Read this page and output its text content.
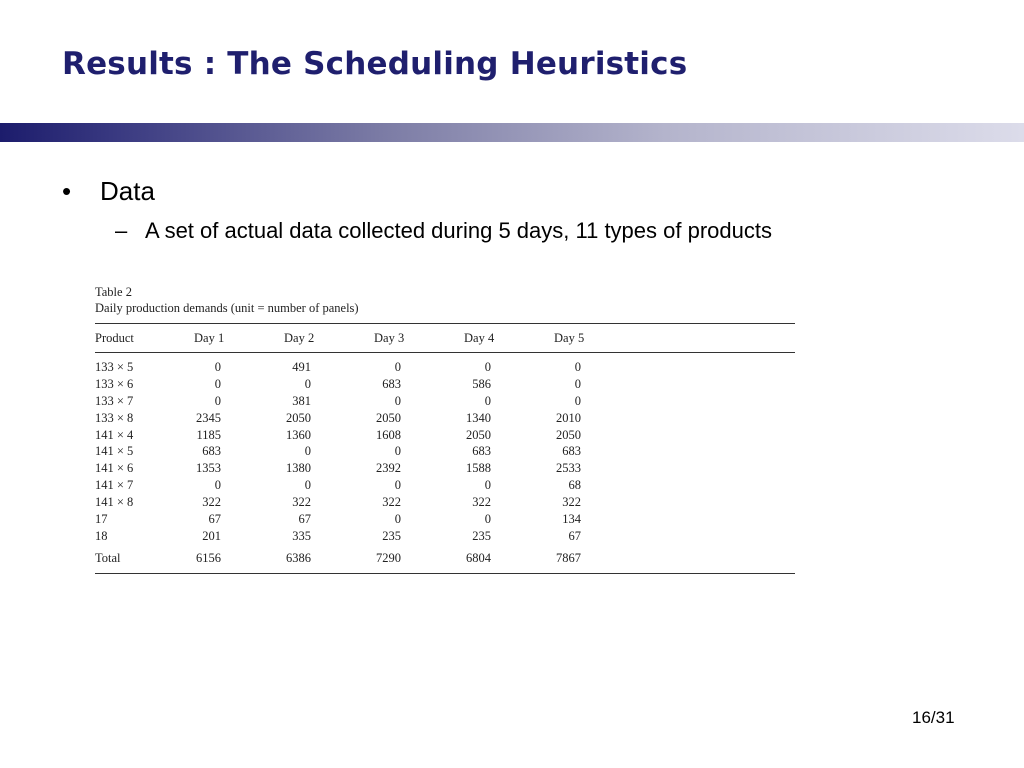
Results : The Scheduling Heuristics
• Data
– A set of actual data collected during 5 days, 11 types of products
Table 2
Daily production demands (unit = number of panels)
Product	Day 1	Day 2	Day 3	Day 4	Day 5	
133 × 5	0	491	0	0	0	
133 × 6	0	0	683	586	0	
133 × 7	0	381	0	0	0	
133 × 8	2345	2050	2050	1340	2010	
141 × 4	1185	1360	1608	2050	2050	
141 × 5	683	0	0	683	683	
141 × 6	1353	1380	2392	1588	2533	
141 × 7	0	0	0	0	68	
141 × 8	322	322	322	322	322	
17	67	67	0	0	134	
18	201	335	235	235	67	
Total	6156	6386	7290	6804	7867	
16/31
